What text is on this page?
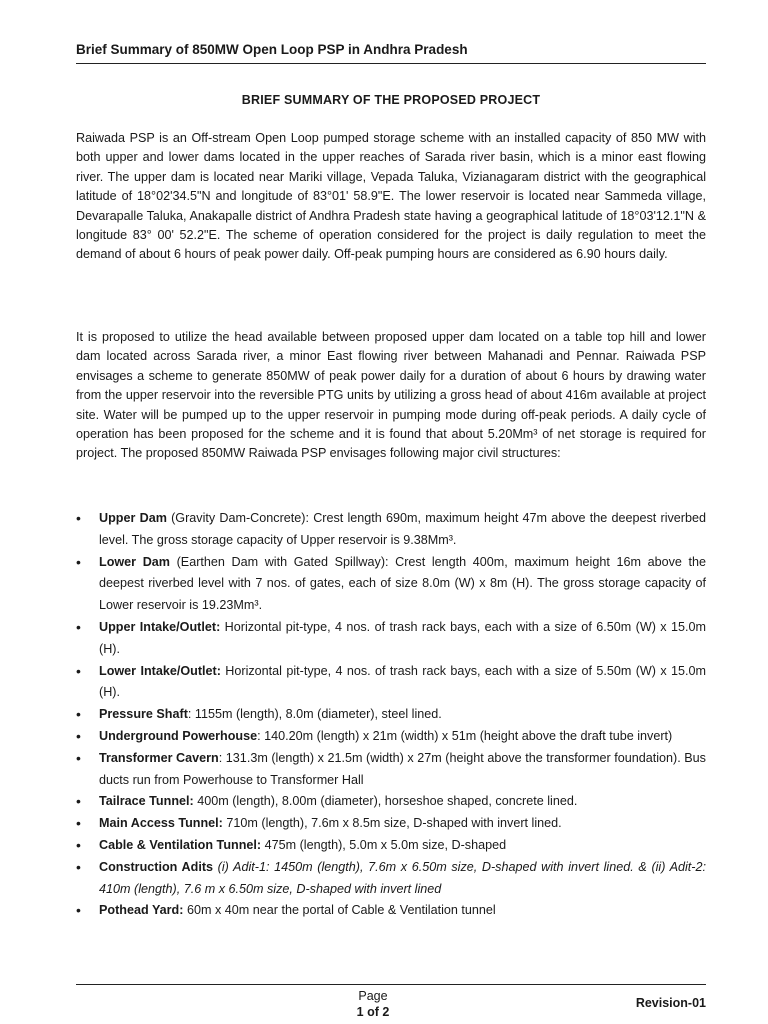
Brief Summary of 850MW Open Loop PSP in Andhra Pradesh
BRIEF SUMMARY OF THE PROPOSED PROJECT

Raiwada PSP is an Off-stream Open Loop pumped storage scheme with an installed capacity of 850 MW with both upper and lower dams located in the upper reaches of Sarada river basin, which is a minor east flowing river. The upper dam is located near Mariki village, Vepada Taluka, Vizianagaram district with the geographical latitude of 18°02'34.5"N and longitude of 83°01' 58.9"E. The lower reservoir is located near Sammeda village, Devarapalle Taluka, Anakapalle district of Andhra Pradesh state having a geographical latitude of 18°03'12.1"N & longitude 83° 00' 52.2"E. The scheme of operation considered for the project is daily regulation to meet the demand of about 6 hours of peak power daily. Off-peak pumping hours are considered as 6.90 hours daily.

It is proposed to utilize the head available between proposed upper dam located on a table top hill and lower dam located across Sarada river, a minor East flowing river between Mahanadi and Pennar. Raiwada PSP envisages a scheme to generate 850MW of peak power daily for a duration of about 6 hours by drawing water from the upper reservoir into the reversible PTG units by utilizing a gross head of about 416m available at project site. Water will be pumped up to the upper reservoir in pumping mode during off-peak periods. A daily cycle of operation has been proposed for the scheme and it is found that about 5.20Mm³ of net storage is required for project. The proposed 850MW Raiwada PSP envisages following major civil structures:

• Upper Dam (Gravity Dam-Concrete): Crest length 690m, maximum height 47m above the deepest riverbed level. The gross storage capacity of Upper reservoir is 9.38Mm³.
• Lower Dam (Earthen Dam with Gated Spillway): Crest length 400m, maximum height 16m above the deepest riverbed level with 7 nos. of gates, each of size 8.0m (W) x 8m (H). The gross storage capacity of Lower reservoir is 19.23Mm³.
• Upper Intake/Outlet: Horizontal pit-type, 4 nos. of trash rack bays, each with a size of 6.50m (W) x 15.0m (H).
• Lower Intake/Outlet: Horizontal pit-type, 4 nos. of trash rack bays, each with a size of 5.50m (W) x 15.0m (H).
• Pressure Shaft: 1155m (length), 8.0m (diameter), steel lined.
• Underground Powerhouse: 140.20m (length) x 21m (width) x 51m (height above the draft tube invert)
• Transformer Cavern: 131.3m (length) x 21.5m (width) x 27m (height above the transformer foundation). Bus ducts run from Powerhouse to Transformer Hall
• Tailrace Tunnel: 400m (length), 8.00m (diameter), horseshoe shaped, concrete lined.
• Main Access Tunnel: 710m (length), 7.6m x 8.5m size, D-shaped with invert lined.
• Cable & Ventilation Tunnel: 475m (length), 5.0m x 5.0m size, D-shaped
• Construction Adits (i) Adit-1: 1450m (length), 7.6m x 6.50m size, D-shaped with invert lined. & (ii) Adit-2: 410m (length), 7.6 m x 6.50m size, D-shaped with invert lined
• Pothead Yard: 60m x 40m near the portal of Cable & Ventilation tunnel
Page
1 of 2
Revision-01
